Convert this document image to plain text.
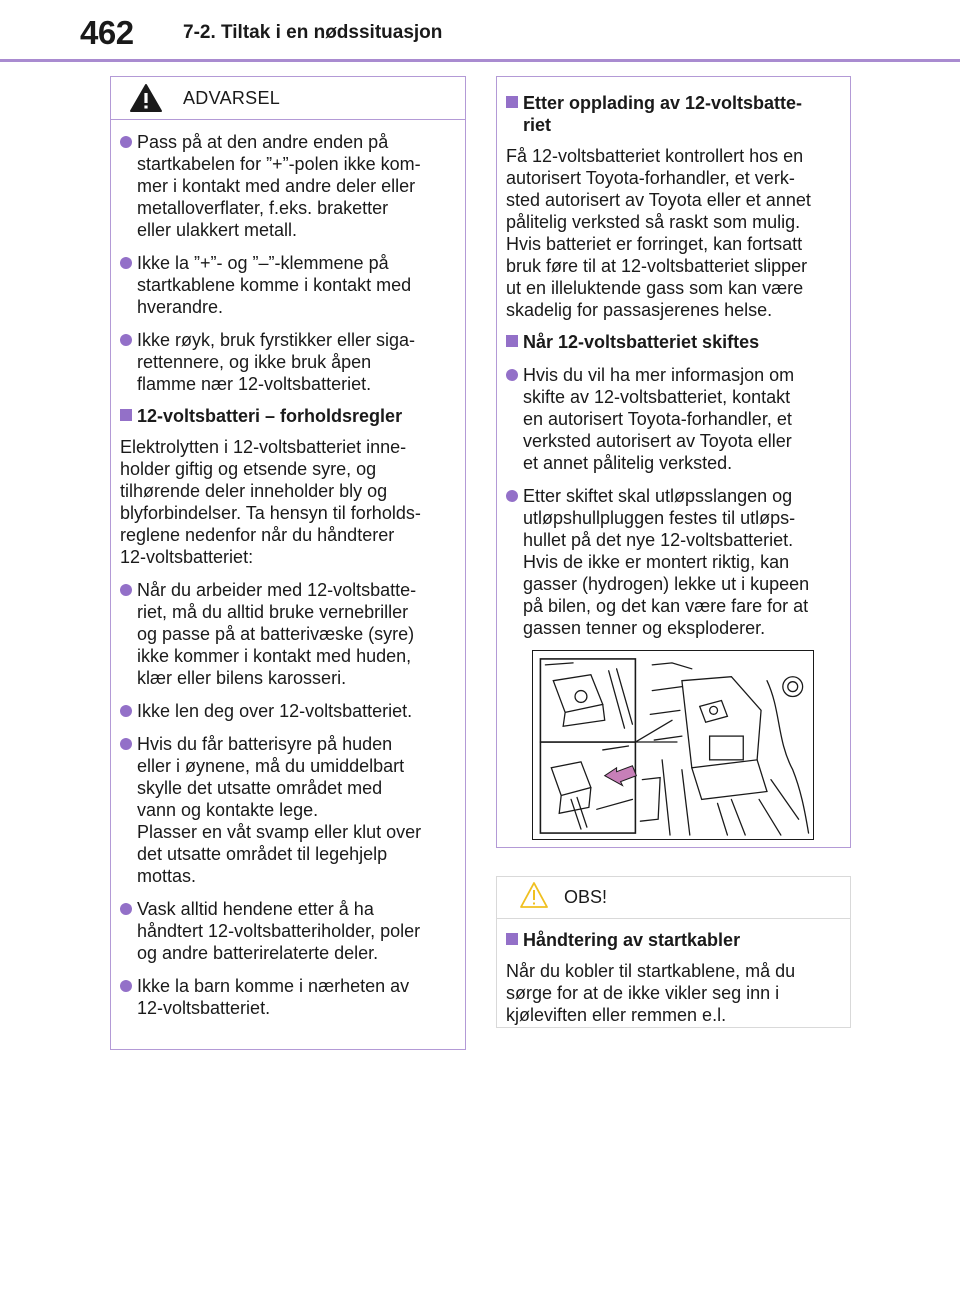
462	7-2. Tiltak i en nødssituasjon
ADVARSEL
Pass på at den andre enden på
startkabelen for ”+”-polen ikke kom-
mer i kontakt med andre deler eller
metalloverflater, f.eks. braketter
eller ulakkert metall.
Ikke la ”+”- og ”–”-klemmene på
startkablene komme i kontakt med
hverandre.
Ikke røyk, bruk fyrstikker eller siga-
rettennere, og ikke bruk åpen
flamme nær 12-voltsbatteriet.
12-voltsbatteri – forholdsregler
Elektrolytten i 12-voltsbatteriet inne-
holder giftig og etsende syre, og
tilhørende deler inneholder bly og
blyforbindelser. Ta hensyn til forholds-
reglene nedenfor når du håndterer
12-voltsbatteriet:
Når du arbeider med 12-voltsbatte-
riet, må du alltid bruke vernebriller
og passe på at batterivæske (syre)
ikke kommer i kontakt med huden,
klær eller bilens karosseri.
Ikke len deg over 12-voltsbatteriet.
Hvis du får batterisyre på huden
eller i øynene, må du umiddelbart
skylle det utsatte området med
vann og kontakte lege.
Plasser en våt svamp eller klut over
det utsatte området til legehjelp
mottas.
Vask alltid hendene etter å ha
håndtert 12-voltsbatteriholder, poler
og andre batterirelaterte deler.
Ikke la barn komme i nærheten av
12-voltsbatteriet.
Etter opplading av 12-voltsbatte-
riet
Få 12-voltsbatteriet kontrollert hos en
autorisert Toyota-forhandler, et verk-
sted autorisert av Toyota eller et annet
pålitelig verksted så raskt som mulig.
Hvis batteriet er forringet, kan fortsatt
bruk føre til at 12-voltsbatteriet slipper
ut en illeluktende gass som kan være
skadelig for passasjerenes helse.
Når 12-voltsbatteriet skiftes
Hvis du vil ha mer informasjon om
skifte av 12-voltsbatteriet, kontakt
en autorisert Toyota-forhandler, et
verksted autorisert av Toyota eller
et annet pålitelig verksted.
Etter skiftet skal utløpsslangen og
utløpshullpluggen festes til utløps-
hullet på det nye 12-voltsbatteriet.
Hvis de ikke er montert riktig, kan
gasser (hydrogen) lekke ut i kupeen
på bilen, og det kan være fare for at
gassen tenner og eksploderer.
OBS!
Håndtering av startkabler
Når du kobler til startkablene, må du
sørge for at de ikke vikler seg inn i
kjøleviften eller remmen e.l.
